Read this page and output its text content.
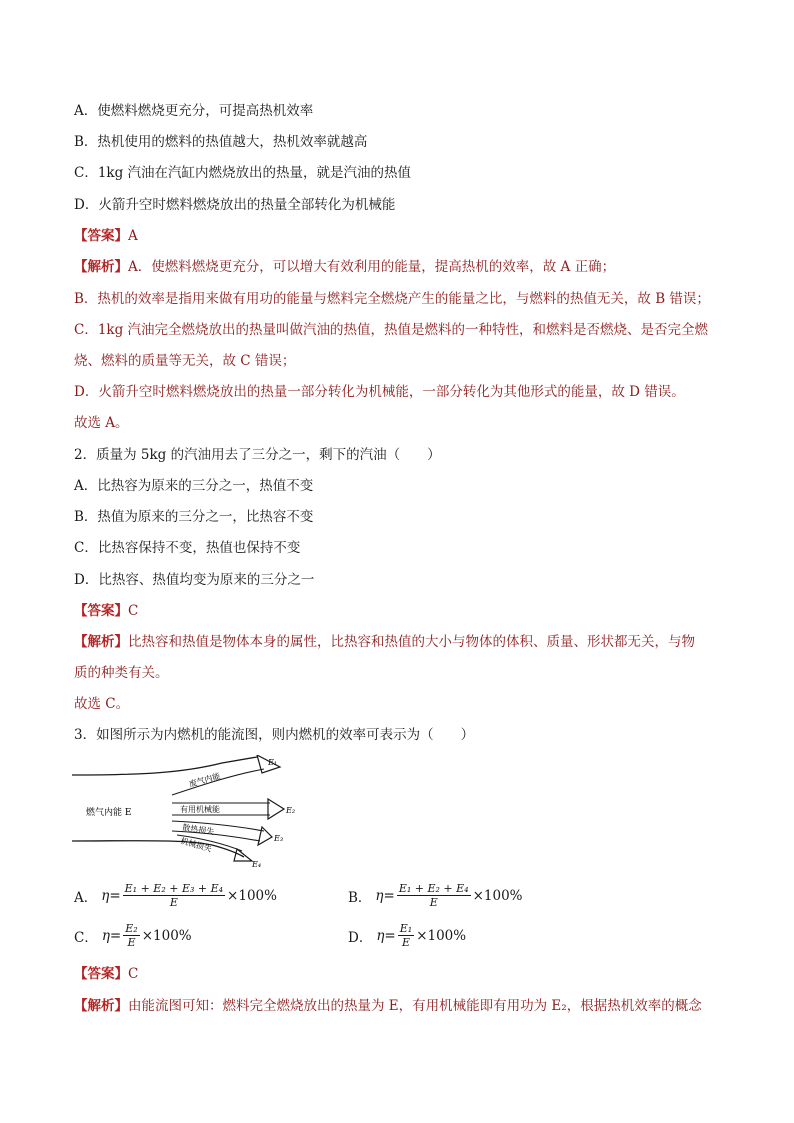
A．使燃料燃烧更充分，可提高热机效率
B．热机使用的燃料的热值越大，热机效率就越高
C．1kg 汽油在汽缸内燃烧放出的热量，就是汽油的热值
D．火箭升空时燃料燃烧放出的热量全部转化为机械能
【答案】A
【解析】A．使燃料燃烧更充分，可以增大有效利用的能量，提高热机的效率，故 A 正确；
B．热机的效率是指用来做有用功的能量与燃料完全燃烧产生的能量之比，与燃料的热值无关，故 B 错误；
C．1kg 汽油完全燃烧放出的热量叫做汽油的热值，热值是燃料的一种特性，和燃料是否燃烧、是否完全燃
烧、燃料的质量等无关，故 C 错误；
D．火箭升空时燃料燃烧放出的热量一部分转化为机械能，一部分转化为其他形式的能量，故 D 错误。
故选 A。
2．质量为 5kg 的汽油用去了三分之一，剩下的汽油（　　）
A．比热容为原来的三分之一，热值不变
B．热值为原来的三分之一，比热容不变
C．比热容保持不变，热值也保持不变
D．比热容、热值均变为原来的三分之一
【答案】C
【解析】比热容和热值是物体本身的属性，比热容和热值的大小与物体的体积、质量、形状都无关，与物
质的种类有关。
故选 C。
3．如图所示为内燃机的能流图，则内燃机的效率可表示为（　　）
燃气内能 E
废气内能
有用机械能
散热损失
机械损失
E₁
E₂
E₃
E₄
A． $\eta= \frac{\text{E₁ + E₂ + E₃ + E₄}}{E} \times 100\%$	B． $\eta= \frac{\text{E₁ + E₂ + E₄}}{E} \times 100\%$
C． $\eta= \frac{\text{E₂}}{E} \times 100\%$	D． $\eta= \frac{\text{E₁}}{E} \times 100\%$
【答案】C
【解析】由能流图可知：燃料完全燃烧放出的热量为 E，有用机械能即有用功为 E₂，根据热机效率的概念
